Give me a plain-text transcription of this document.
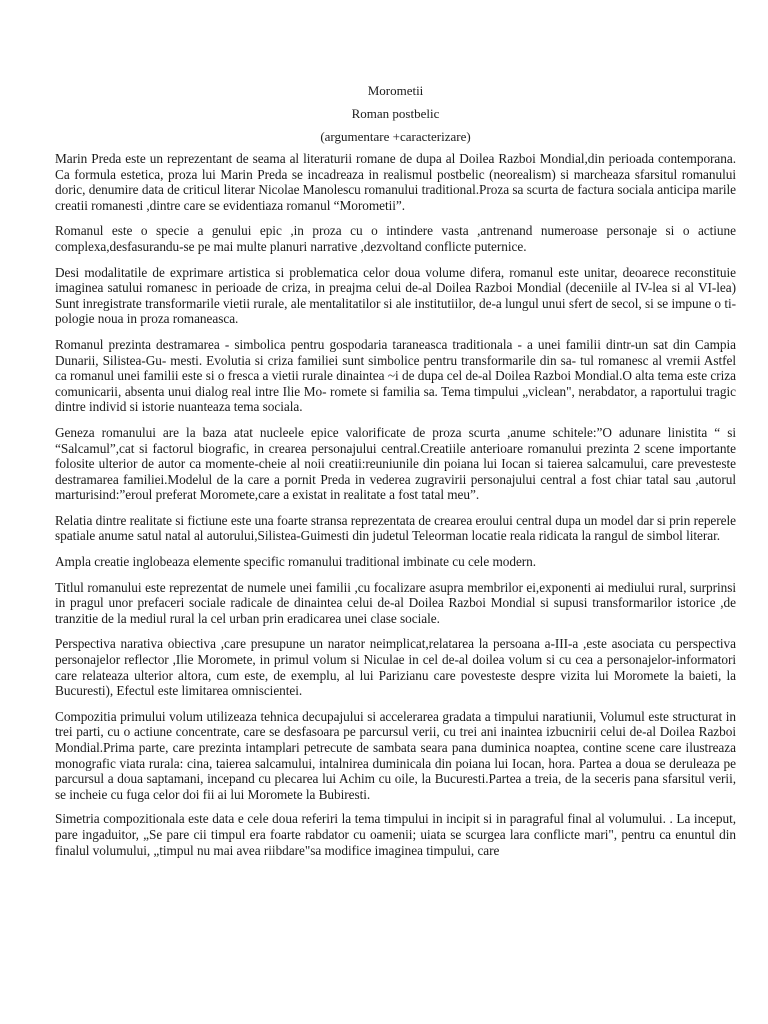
Morometii
Roman postbelic
(argumentare +caracterizare)

Marin Preda este un reprezentant de seama al literaturii romane de dupa al Doilea Razboi Mondial,din perioada contemporana. Ca formula estetica, proza lui Marin Preda se incadreaza in realismul postbelic (neorealism) si marcheaza sfarsitul romanului doric, denumire data de criticul literar Nicolae Manolescu romanului traditional.Proza sa scurta de factura sociala anticipa marile creatii romanesti ,dintre care se evidentiaza romanul “Morometii”.

Romanul este o specie a genului epic ,in proza cu o intindere vasta ,antrenand numeroase personaje si o actiune complexa,desfasurandu-se pe mai multe planuri narrative ,dezvoltand conflicte puternice.

Desi modalitatile de exprimare artistica si problematica celor doua volume difera, romanul este unitar, deoarece reconstituie imaginea satului romanesc in perioade de criza, in preajma celui de-al Doilea Razboi Mondial (deceniile al IV-lea si al VI-lea) Sunt inregistrate transformarile vietii rurale, ale mentalitatilor si ale institutiilor, de-a lungul unui sfert de secol, si se impune o ti- pologie noua in proza romaneasca.

Romanul prezinta destramarea - simbolica pentru gospodaria taraneasca traditionala - a unei familii dintr-un sat din Campia Dunarii, Silistea-Gu- mesti. Evolutia si criza familiei sunt simbolice pentru transformarile din sa- tul romanesc al vremii Astfel ca romanul unei familii este si o fresca a vietii rurale dinaintea ~i de dupa cel de-al Doilea Razboi Mondial.O alta tema este criza comunicarii, absenta unui dialog real intre Ilie Mo- romete si familia sa. Tema timpului „viclean", nerabdator, a raportului tragic dintre individ si istorie nuanteaza tema sociala.

Geneza romanului are la baza atat nucleele epice valorificate de proza scurta ,anume schitele:”O adunare linistita “ si “Salcamul”,cat si factorul biografic, in crearea personajului central.Creatiile anterioare romanului prezinta 2 scene importante folosite ulterior de autor ca momente-cheie al noii creatii:reuniunile din poiana lui Iocan si taierea salcamului, care prevesteste destramarea familiei.Modelul de la care a pornit Preda in vederea zugravirii personajului central a fost chiar tatal sau ,autorul marturisind:”eroul preferat Moromete,care a existat in realitate a fost tatal meu”.

Relatia dintre realitate si fictiune este una foarte stransa reprezentata de crearea eroului central dupa un model dar si prin reperele spatiale anume satul natal al autorului,Silistea-Guimesti din judetul Teleorman locatie reala ridicata la rangul de simbol literar.

Ampla creatie inglobeaza elemente specific romanului traditional imbinate cu cele modern.

Titlul romanului este reprezentat de numele unei familii ,cu focalizare asupra membrilor ei,exponenti ai mediului rural, surprinsi in pragul unor prefaceri sociale radicale de dinaintea celui de-al Doilea Razboi Mondial si supusi transformarilor istorice ,de tranzitie de la mediul rural la cel urban prin eradicarea unei clase sociale.

Perspectiva narativa obiectiva ,care presupune un narator neimplicat,relatarea la persoana a-III-a ,este asociata cu perspectiva personajelor reflector ,Ilie Moromete, in primul volum si Niculae in cel de-al doilea volum si cu cea a personajelor-informatori care relateaza ulterior altora, cum este, de exemplu, al lui Parizianu care povesteste despre vizita lui Moromete la baieti, la Bucuresti), Efectul este limitarea omniscientei.

Compozitia primului volum utilizeaza tehnica decupajului si accelerarea gradata a timpului naratiunii, Volumul este structurat in trei parti, cu o actiune concentrate, care se desfasoara pe parcursul verii, cu trei ani inaintea izbucnirii celui de-al Doilea Razboi Mondial.Prima parte, care prezinta intamplari petrecute de sambata seara pana duminica noaptea, contine scene care ilustreaza monografic viata rurala: cina, taierea salcamului, intalnirea duminicala din poiana lui Iocan, hora. Partea a doua se deruleaza pe parcursul a doua saptamani, incepand cu plecarea lui Achim cu oile, la Bucuresti.Partea a treia, de la seceris pana sfarsitul verii, se incheie cu fuga celor doi fii ai lui Moromete la Bubiresti.

Simetria compozitionala este data e cele doua referiri la tema timpului in incipit si in paragraful final al volumului. . La inceput, pare ingaduitor, „Se pare cii timpul era foarte rabdator cu oamenii; uiata se scurgea lara conflicte mari", pentru ca enuntul din finalul volumului, „timpul nu mai avea riibdare"sa modifice imaginea timpului, care
